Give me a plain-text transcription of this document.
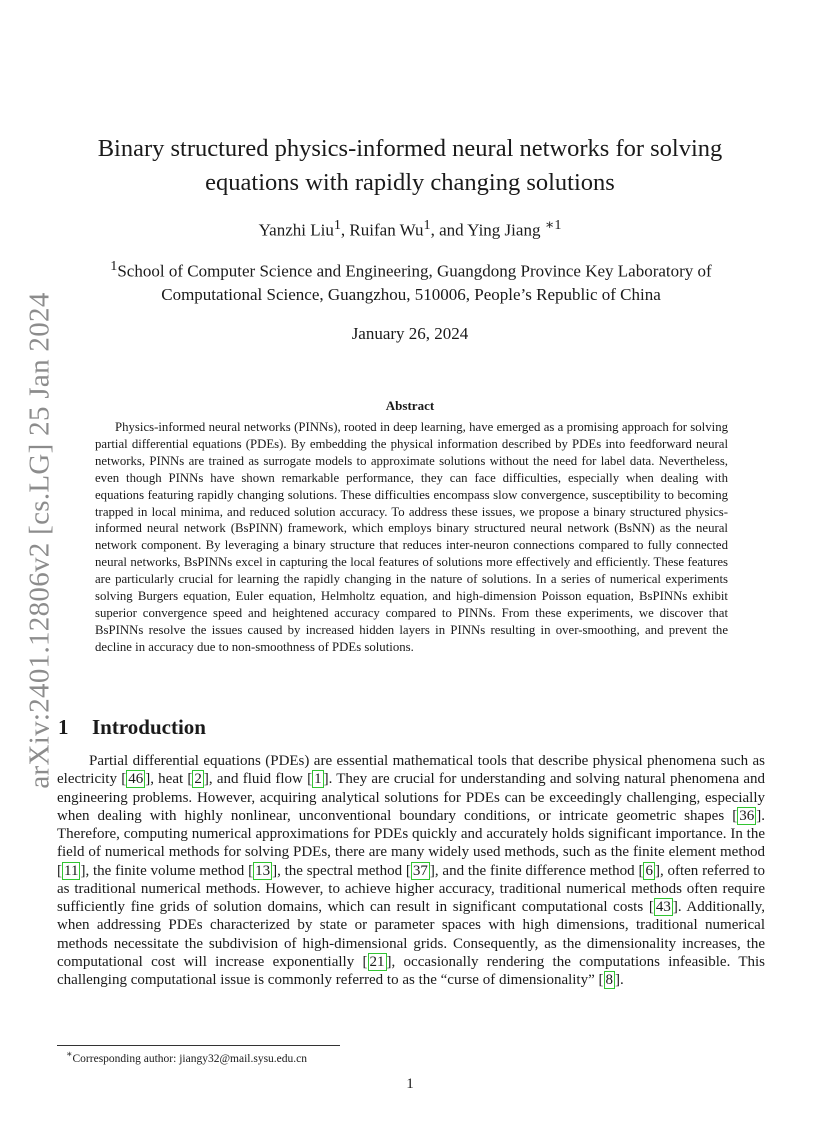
arXiv:2401.12806v2 [cs.LG] 25 Jan 2024
Binary structured physics-informed neural networks for solving equations with rapidly changing solutions
Yanzhi Liu$^1$, Ruifan Wu$^1$, and Ying Jiang $^{∗1}$
$^1$School of Computer Science and Engineering, Guangdong Province Key Laboratory of Computational Science, Guangzhou, 510006, People’s Republic of China
January 26, 2024
Abstract

Physics-informed neural networks (PINNs), rooted in deep learning, have emerged as a promising approach for solving partial differential equations (PDEs). By embedding the physical information described by PDEs into feedforward neural networks, PINNs are trained as surrogate models to approximate solutions without the need for label data. Nevertheless, even though PINNs have shown remarkable performance, they can face difficulties, especially when dealing with equations featuring rapidly changing solutions. These difficulties encompass slow convergence, susceptibility to becoming trapped in local minima, and reduced solution accuracy. To address these issues, we propose a binary structured physics-informed neural network (BsPINN) framework, which employs binary structured neural network (BsNN) as the neural network component. By leveraging a binary structure that reduces inter-neuron connections compared to fully connected neural networks, BsPINNs excel in capturing the local features of solutions more effectively and efficiently. These features are particularly crucial for learning the rapidly changing in the nature of solutions. In a series of numerical experiments solving Burgers equation, Euler equation, Helmholtz equation, and high-dimension Poisson equation, BsPINNs exhibit superior convergence speed and heightened accuracy compared to PINNs. From these experiments, we discover that BsPINNs resolve the issues caused by increased hidden layers in PINNs resulting in over-smoothing, and prevent the decline in accuracy due to non-smoothness of PDEs solutions.

1 Introduction

Partial differential equations (PDEs) are essential mathematical tools that describe physical phenomena such as electricity [ 46 ], heat [ 2 ], and fluid flow [ 1 ]. They are crucial for understanding and solving natural phenomena and engineering problems. However, acquiring analytical solutions for PDEs can be exceedingly challenging, especially when dealing with highly nonlinear, unconventional boundary conditions, or intricate geometric shapes [ 36 ]. Therefore, computing numerical approximations for PDEs quickly and accurately holds significant importance. In the field of numerical methods for solving PDEs, there are many widely used methods, such as the finite element method [ 11 ], the finite volume method [ 13 ], the spectral method [ 37 ], and the finite difference method [ 6 ], often referred to as traditional numerical methods. However, to achieve higher accuracy, traditional numerical methods often require sufficiently fine grids of solution domains, which can result in significant computational costs [ 43 ]. Additionally, when addressing PDEs characterized by state or parameter spaces with high dimensions, traditional numerical methods necessitate the subdivision of high-dimensional grids. Consequently, as the dimensionality increases, the computational cost will increase exponentially [ 21 ], occasionally rendering the computations infeasible. This challenging computational issue is commonly referred to as the “curse of dimensionality” [ 8 ].

∗Corresponding author: jiangy32@mail.sysu.edu.cn
1
